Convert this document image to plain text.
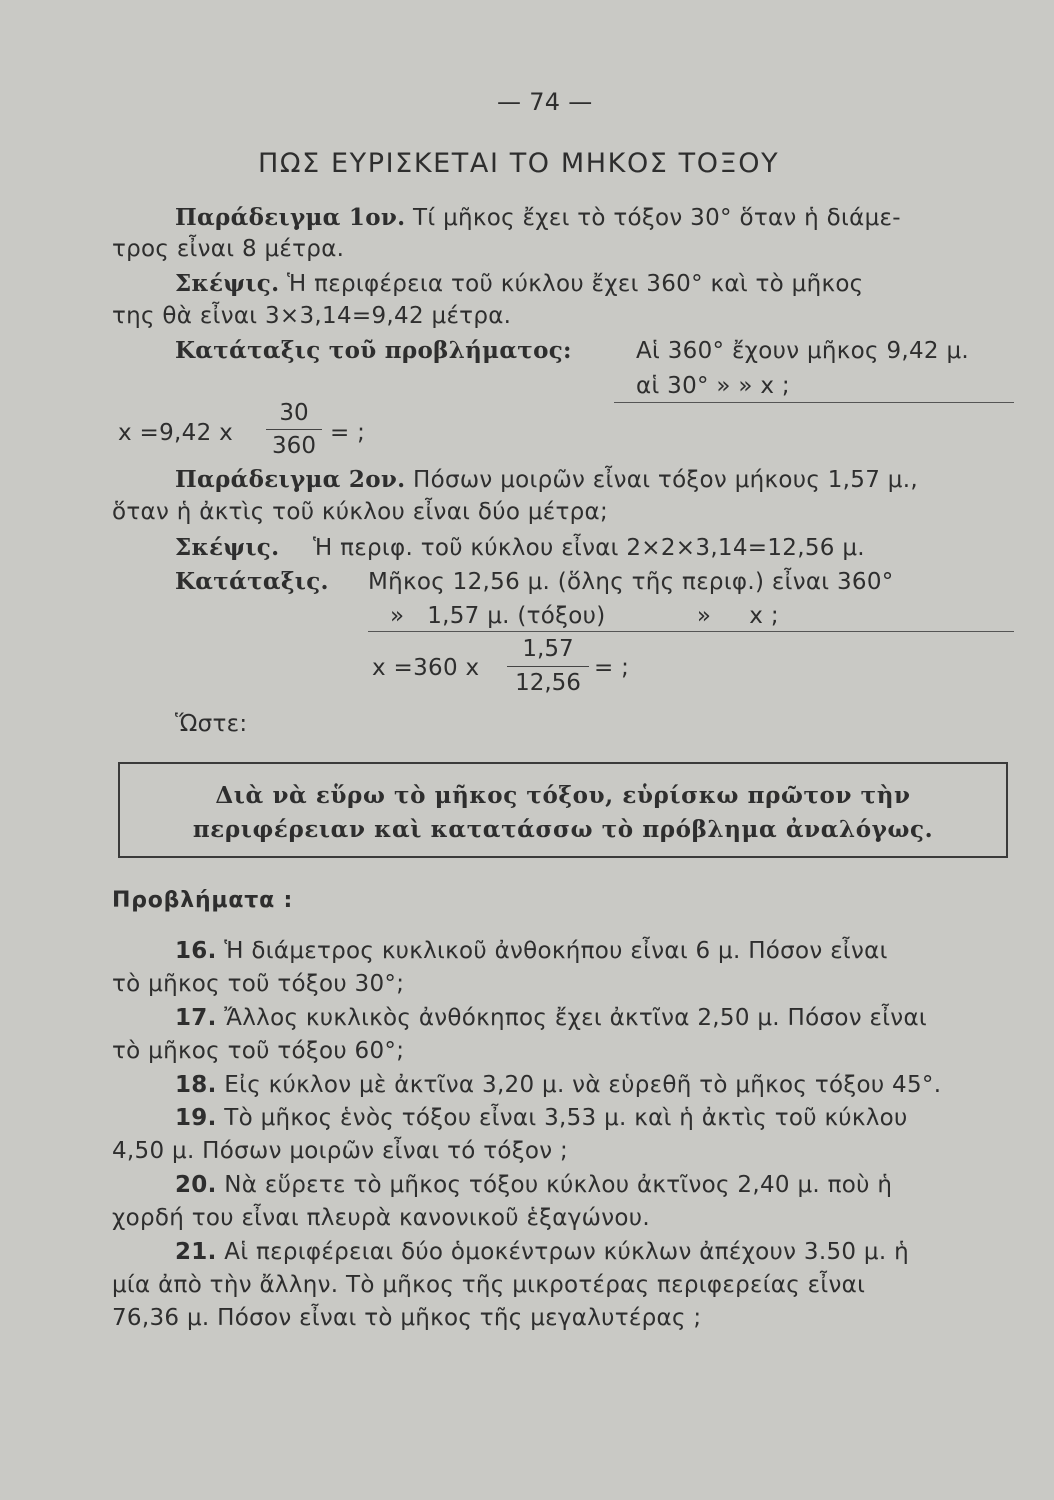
— 74 —
ΠΩΣ ΕΥΡΙΣΚΕΤΑΙ ΤΟ ΜΗΚΟΣ ΤΟΞΟΥ
Παράδειγμα 1ον. Τί μῆκος ἔχει τὸ τόξον 30° ὅταν ἡ διάμε-
τρος εἶναι 8 μέτρα.
Σκέψις. Ἡ περιφέρεια τοῦ κύκλου ἔχει 360° καὶ τὸ μῆκος
της θὰ εἶναι 3×3,14=9,42 μέτρα.
Κατάταξις τοῦ προβλήματος:	Αἱ 360° ἔχουν μῆκος 9,42 μ.
αἱ 30° » » x ;
x =9,42 x
30
360 = ;
Παράδειγμα 2ον. Πόσων μοιρῶν εἶναι τόξον μήκους 1,57 μ.,
ὅταν ἡ ἀκτὶς τοῦ κύκλου εἶναι δύο μέτρα;
Σκέψις. Ἡ περιφ. τοῦ κύκλου εἶναι 2×2×3,14=12,56 μ.
Κατάταξις. Μῆκος 12,56 μ. (ὅλης τῆς περιφ.) εἶναι 360°
»   1,57 μ. (τόξου)            »     x ;
x =360 x
1,57
12,56
= ;
Ὥστε:
Διὰ νὰ εὕρω τὸ μῆκος τόξου, εὑρίσκω πρῶτον τὴν
περιφέρειαν καὶ κατατάσσω τὸ πρόβλημα ἀναλόγως.
Προβλήματα :
16. Ἡ διάμετρος κυκλικοῦ ἀνθοκήπου εἶναι 6 μ. Πόσον εἶναι
τὸ μῆκος τοῦ τόξου 30°;
17. Ἄλλος κυκλικὸς ἀνθόκηπος ἔχει ἀκτῖνα 2,50 μ. Πόσον εἶναι
τὸ μῆκος τοῦ τόξου 60°;
18. Εἰς κύκλον μὲ ἀκτῖνα 3,20 μ. νὰ εὑρεθῆ τὸ μῆκος τόξου 45°.
19. Τὸ μῆκος ἑνὸς τόξου εἶναι 3,53 μ. καὶ ἡ ἀκτὶς τοῦ κύκλου
4,50 μ. Πόσων μοιρῶν εἶναι τό τόξον ;
20. Νὰ εὕρετε τὸ μῆκος τόξου κύκλου ἀκτῖνος 2,40 μ. ποὺ ἡ
χορδή του εἶναι πλευρὰ κανονικοῦ ἑξαγώνου.
21. Αἱ περιφέρειαι δύο ὁμοκέντρων κύκλων ἀπέχουν 3.50 μ. ἡ
μία ἀπὸ τὴν ἄλλην. Τὸ μῆκος τῆς μικροτέρας περιφερείας εἶναι
76,36 μ. Πόσον εἶναι τὸ μῆκος τῆς μεγαλυτέρας ;
